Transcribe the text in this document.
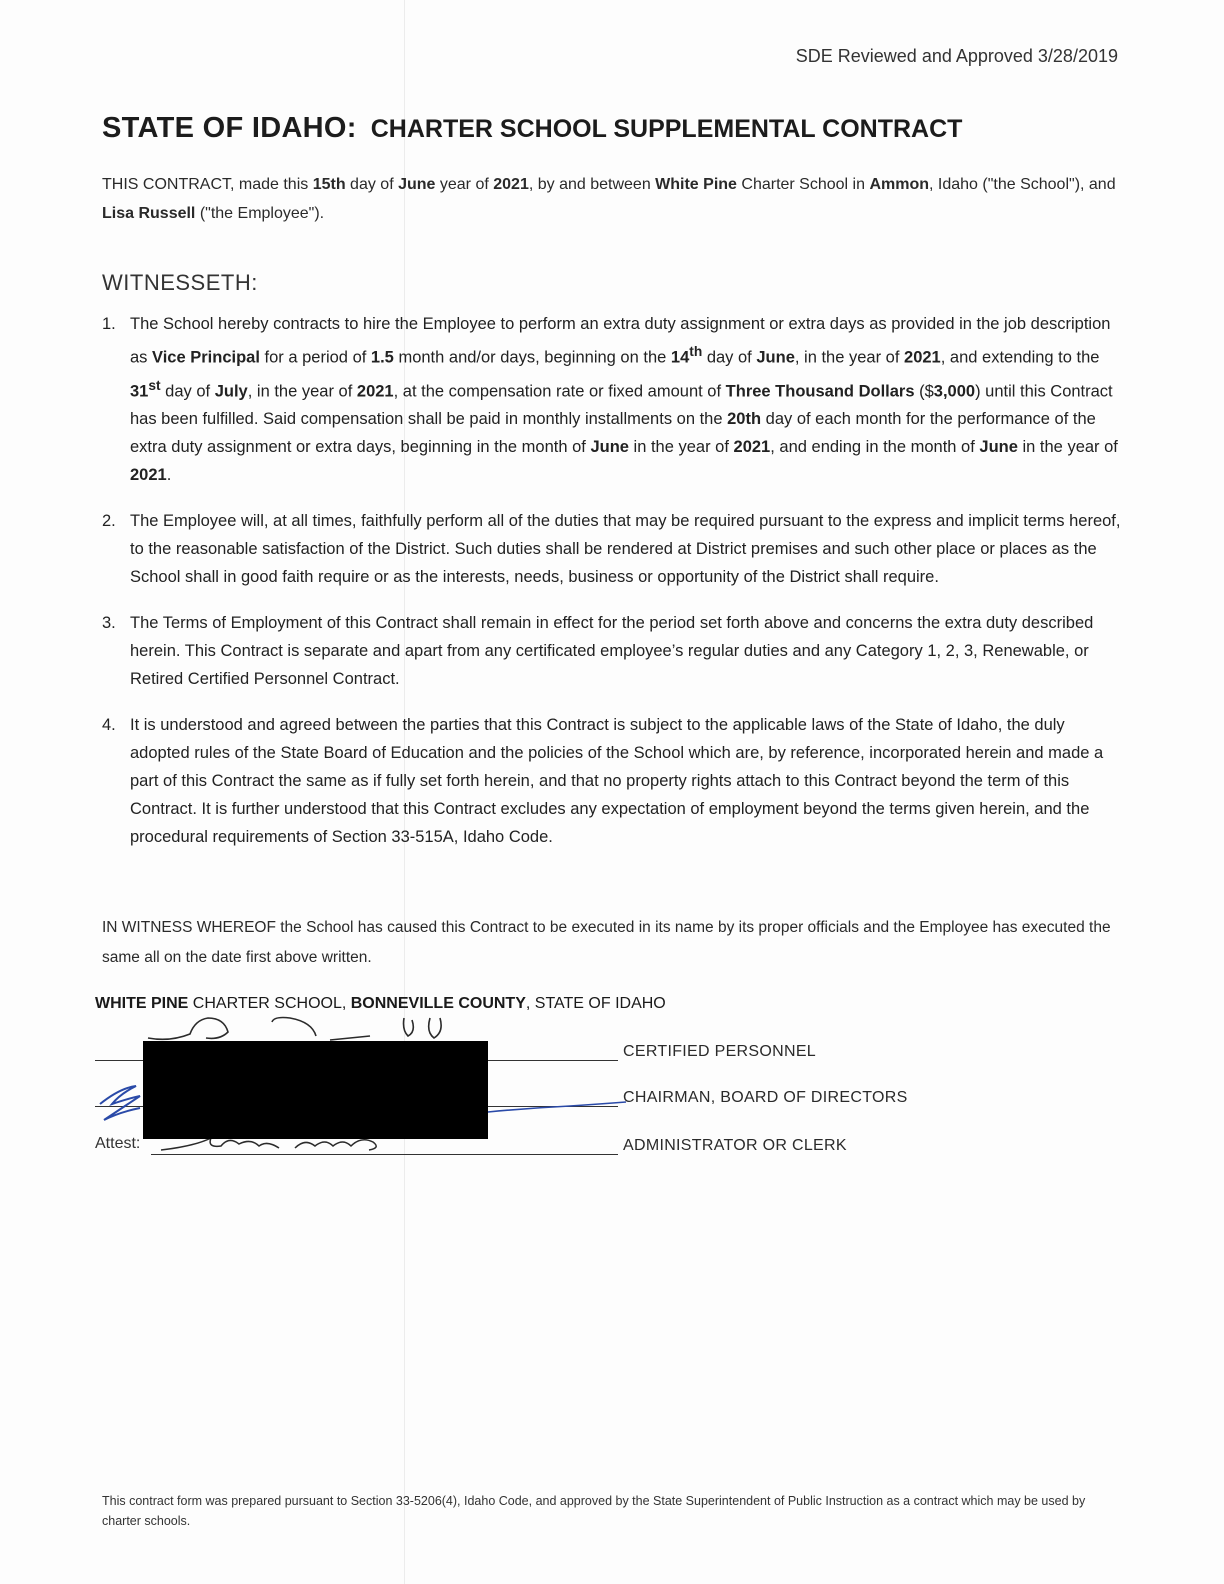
SDE Reviewed and Approved 3/28/2019
STATE OF IDAHO: CHARTER SCHOOL SUPPLEMENTAL CONTRACT
THIS CONTRACT, made this 15th day of June year of 2021, by and between White Pine Charter School in Ammon, Idaho ("the School"), and Lisa Russell ("the Employee").
WITNESSETH:
1. The School hereby contracts to hire the Employee to perform an extra duty assignment or extra days as provided in the job description as Vice Principal for a period of 1.5 month and/or days, beginning on the 14th day of June, in the year of 2021, and extending to the 31st day of July, in the year of 2021, at the compensation rate or fixed amount of Three Thousand Dollars ($3,000) until this Contract has been fulfilled. Said compensation shall be paid in monthly installments on the 20th day of each month for the performance of the extra duty assignment or extra days, beginning in the month of June in the year of 2021, and ending in the month of June in the year of 2021.
2. The Employee will, at all times, faithfully perform all of the duties that may be required pursuant to the express and implicit terms hereof, to the reasonable satisfaction of the District. Such duties shall be rendered at District premises and such other place or places as the School shall in good faith require or as the interests, needs, business or opportunity of the District shall require.
3. The Terms of Employment of this Contract shall remain in effect for the period set forth above and concerns the extra duty described herein. This Contract is separate and apart from any certificated employee’s regular duties and any Category 1, 2, 3, Renewable, or Retired Certified Personnel Contract.
4. It is understood and agreed between the parties that this Contract is subject to the applicable laws of the State of Idaho, the duly adopted rules of the State Board of Education and the policies of the School which are, by reference, incorporated herein and made a part of this Contract the same as if fully set forth herein, and that no property rights attach to this Contract beyond the term of this Contract. It is further understood that this Contract excludes any expectation of employment beyond the terms given herein, and the procedural requirements of Section 33-515A, Idaho Code.
IN WITNESS WHEREOF the School has caused this Contract to be executed in its name by its proper officials and the Employee has executed the same all on the date first above written.
WHITE PINE CHARTER SCHOOL, BONNEVILLE COUNTY, STATE OF IDAHO
CERTIFIED PERSONNEL
CHAIRMAN, BOARD OF DIRECTORS
Attest:	ADMINISTRATOR OR CLERK
This contract form was prepared pursuant to Section 33-5206(4), Idaho Code, and approved by the State Superintendent of Public Instruction as a contract which may be used by charter schools.
